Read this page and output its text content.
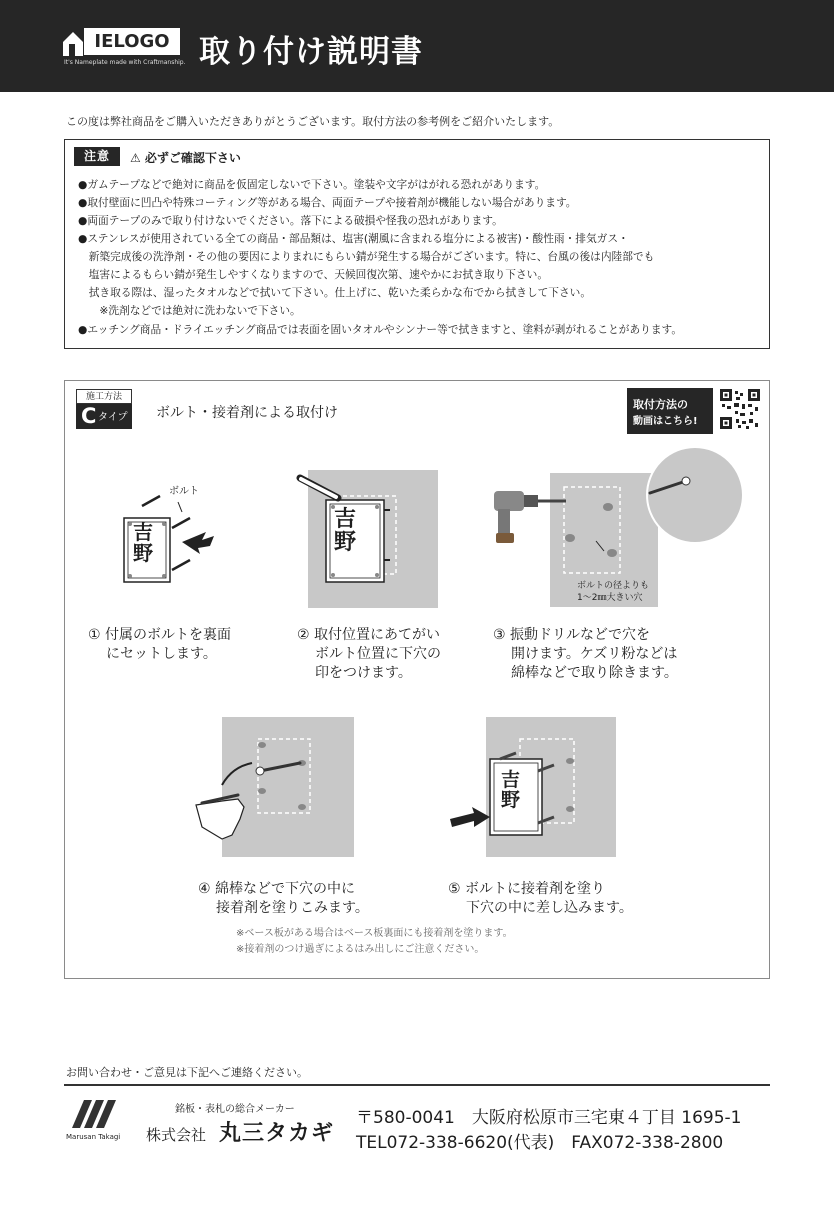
IELOGO
It's Nameplate made with Craftmanship. 取り付け説明書
この度は弊社商品をご購入いただきありがとうございます。取付方法の参考例をご紹介いたします。
注意	⚠ 必ずご確認下さい
●ガムテープなどで絶対に商品を仮固定しないで下さい。塗装や文字がはがれる恐れがあります。
●取付壁面に凹凸や特殊コーティング等がある場合、両面テープや接着剤が機能しない場合があります。
●両面テープのみで取り付けないでください。落下による破損や怪我の恐れがあります。
●ステンレスが使用されている全ての商品・部品類は、塩害(潮風に含まれる塩分による被害)・酸性雨・排気ガス・
　新築完成後の洗浄剤・その他の要因によりまれにもらい錆が発生する場合がございます。特に、台風の後は内陸部でも
　塩害によるもらい錆が発生しやすくなりますので、天候回復次第、速やかにお拭き取り下さい。
　拭き取る際は、湿ったタオルなどで拭いて下さい。仕上げに、乾いた柔らかな布でから拭きして下さい。
　　※洗剤などでは絶対に洗わないで下さい。
●エッチング商品・ドライエッチング商品では表面を固いタオルやシンナー等で拭きますと、塗料が剥がれることがあります。
施工方法
C タイプ ボルト・接着剤による取付け
取付方法の
動画はこちら!
ボルト
吉野
吉野
ボルトの径よりも
1〜2㎜大きい穴
① 付属のボルトを裏面
にセットします。
② 取付位置にあてがい
ボルト位置に下穴の
印をつけます。
③ 振動ドリルなどで穴を
開けます。ケズリ粉などは
綿棒などで取り除きます。
吉野
④ 綿棒などで下穴の中に
接着剤を塗りこみます。
⑤ ボルトに接着剤を塗り
下穴の中に差し込みます。
※ベース板がある場合はベース板裏面にも接着剤を塗ります。
※接着剤のつけ過ぎによるはみ出しにご注意ください。
お問い合わせ・ご意見は下記へご連絡ください。
Marusan Takagi
銘板・表札の総合メーカー
株式会社 丸三タカギ
〒580-0041　大阪府松原市三宅東４丁目 1695-1
TEL072-338-6620(代表)　FAX072-338-2800
